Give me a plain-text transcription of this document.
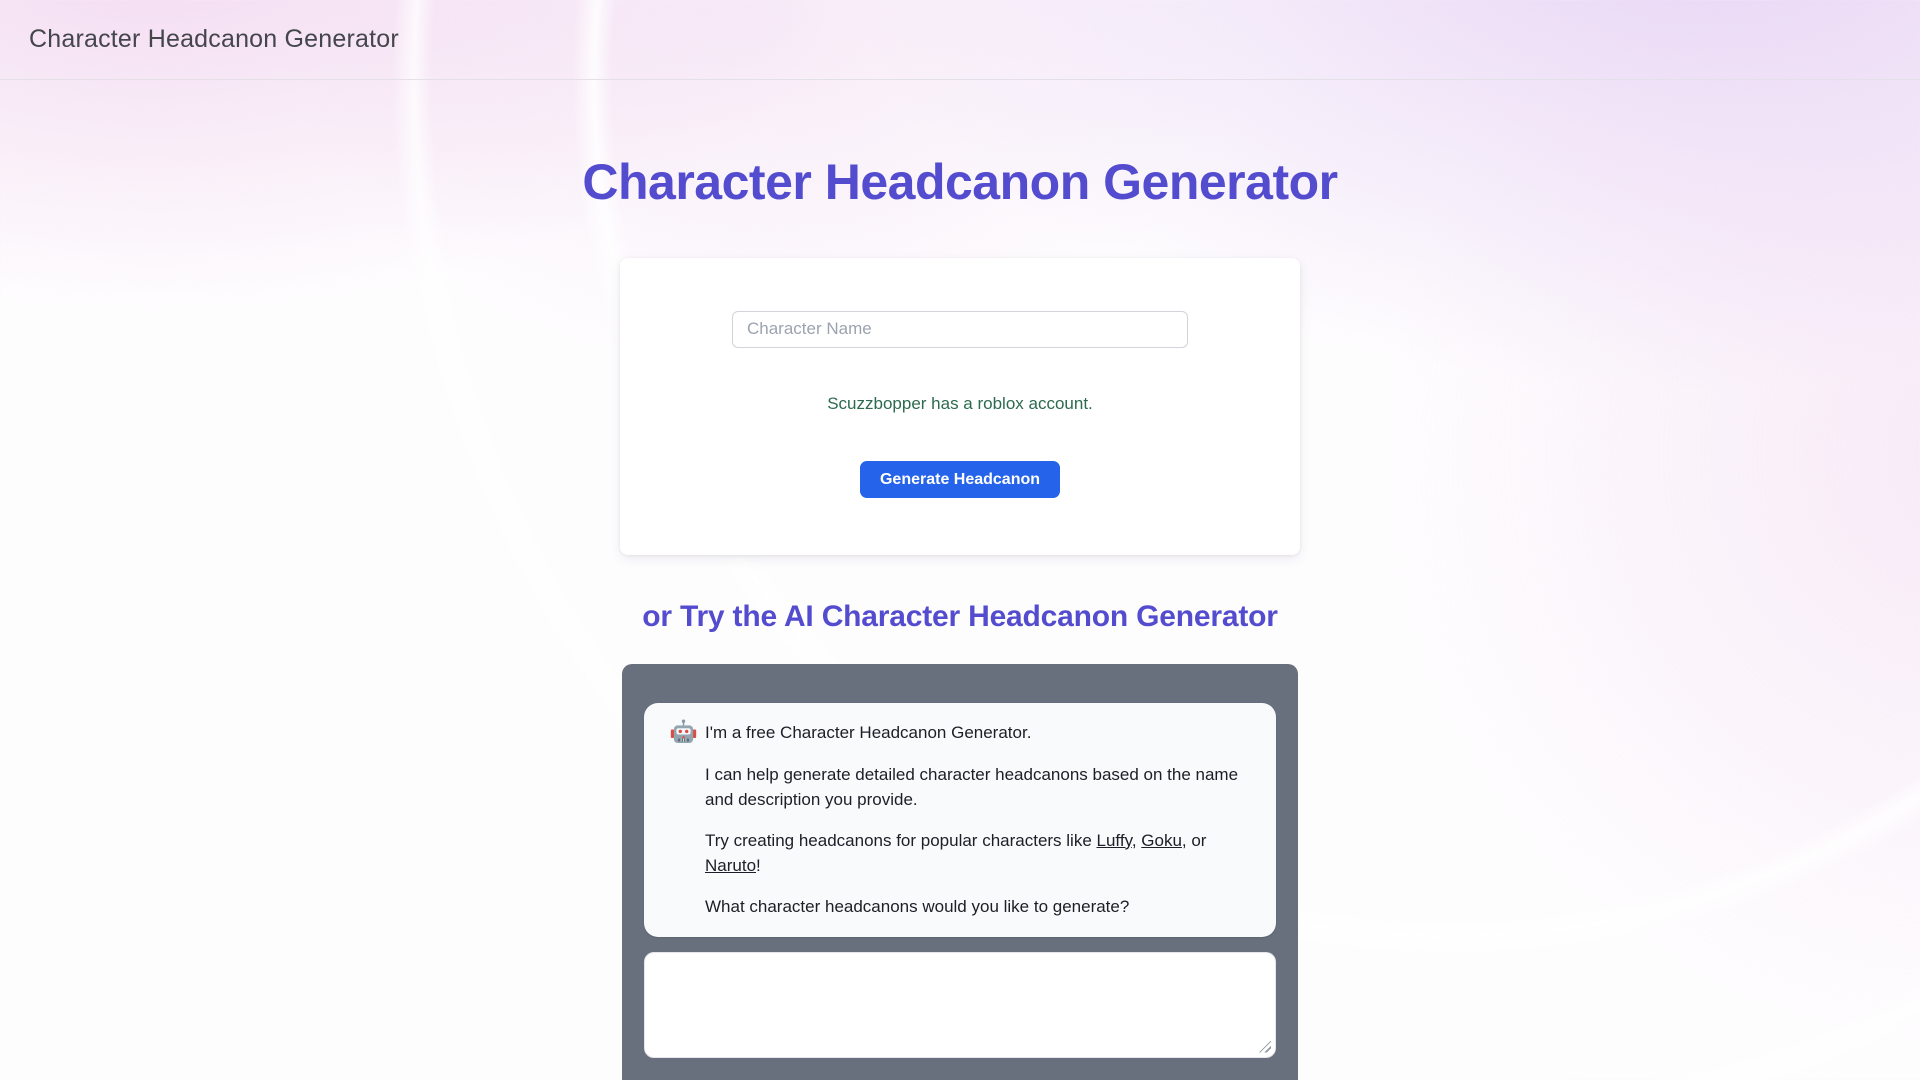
Character Headcanon Generator
Character Headcanon Generator
Character Name
Scuzzbopper has a roblox account.
Generate Headcanon
or Try the AI Character Headcanon Generator

I'm a free Character Headcanon Generator.

I can help generate detailed character headcanons based on the name and description you provide.

Try creating headcanons for popular characters like Luffy, Goku, or Naruto!

What character headcanons would you like to generate?
